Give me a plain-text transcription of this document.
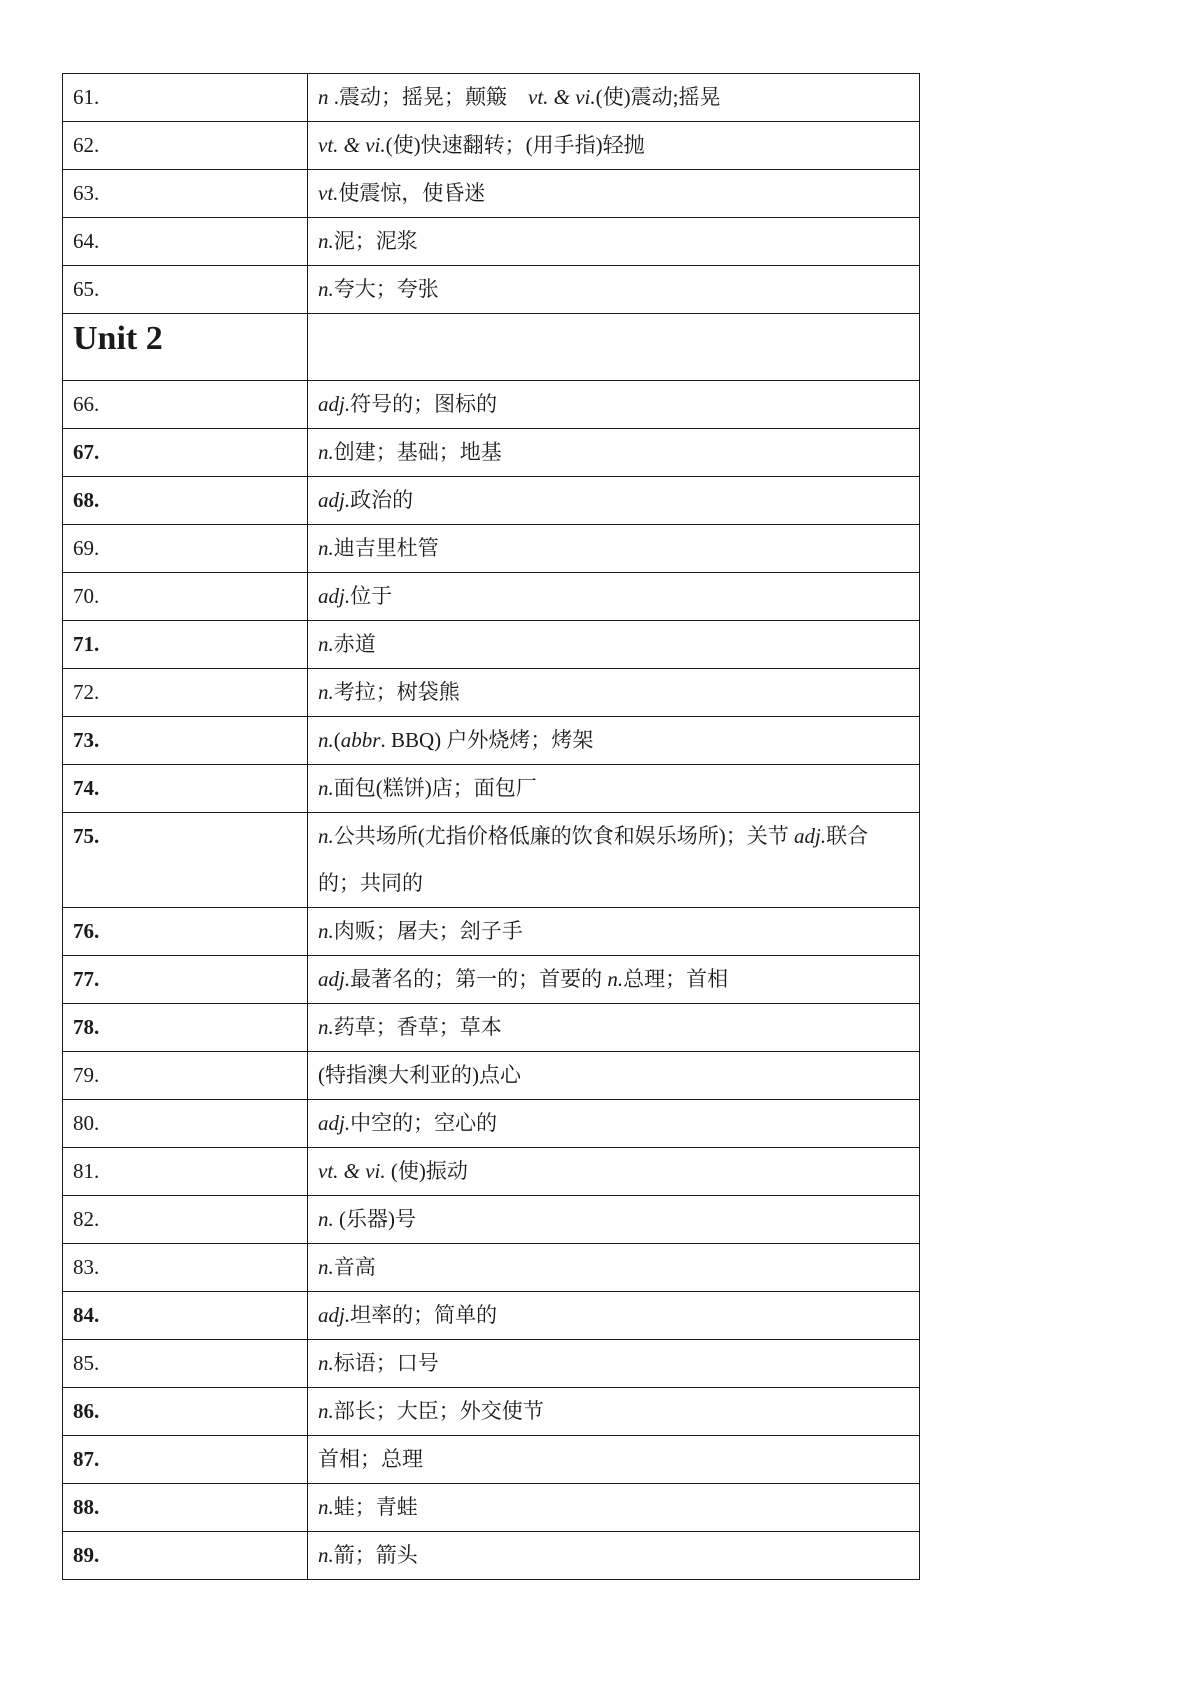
61.	n .震动；摇晃；颠簸　vt. & vi.(使)震动;摇晃
62.	vt. & vi.(使)快速翻转；(用手指)轻抛
63.	vt.使震惊，使昏迷
64.	n.泥；泥浆
65.	n.夸大；夸张
Unit 2	
66.	adj.符号的；图标的
67.	n.创建；基础；地基
68.	adj.政治的
69.	n.迪吉里杜管
70.	adj.位于
71.	n.赤道
72.	n.考拉；树袋熊
73.	n.(abbr. BBQ) 户外烧烤；烤架
74.	n.面包(糕饼)店；面包厂
75.	n.公共场所(尤指价格低廉的饮食和娱乐场所)；关节 adj.联合的；共同的
76.	n.肉贩；屠夫；刽子手
77.	adj.最著名的；第一的；首要的 n.总理；首相
78.	n.药草；香草；草本
79.	(特指澳大利亚的)点心
80.	adj.中空的；空心的
81.	vt. & vi. (使)振动
82.	n. (乐器)号
83.	n.音高
84.	adj.坦率的；简单的
85.	n.标语；口号
86.	n.部长；大臣；外交使节
87.	首相；总理
88.	n.蛙；青蛙
89.	n.箭；箭头
